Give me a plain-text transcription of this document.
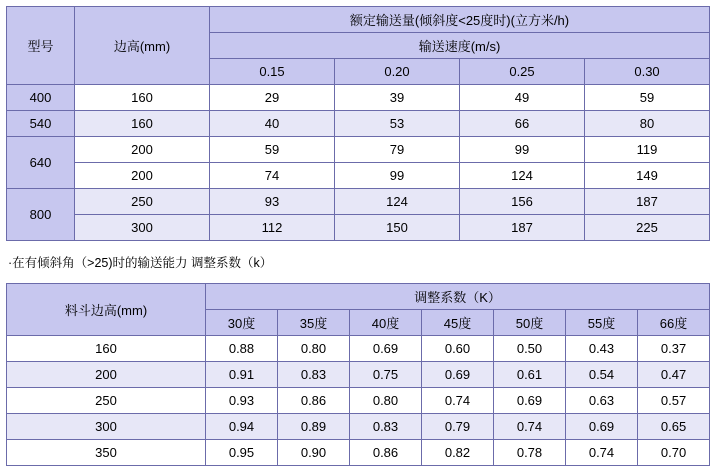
型号	边高(mm)	额定输送量(倾斜度<25度时)(立方米/h)			
		输送速度(m/s)			
		0.15	0.20	0.25	0.30
400	160	29	39	49	59
540	160	40	53	66	80
640	200	59	79	99	119
	200	74	99	124	149
800	250	93	124	156	187
	300	112	150	187	225
·在有倾斜角（>25)时的输送能力 调整系数（k）
料斗边高(mm)	调整系数（K）						
	30度	35度	40度	45度	50度	55度	66度
160	0.88	0.80	0.69	0.60	0.50	0.43	0.37
200	0.91	0.83	0.75	0.69	0.61	0.54	0.47
250	0.93	0.86	0.80	0.74	0.69	0.63	0.57
300	0.94	0.89	0.83	0.79	0.74	0.69	0.65
350	0.95	0.90	0.86	0.82	0.78	0.74	0.70
